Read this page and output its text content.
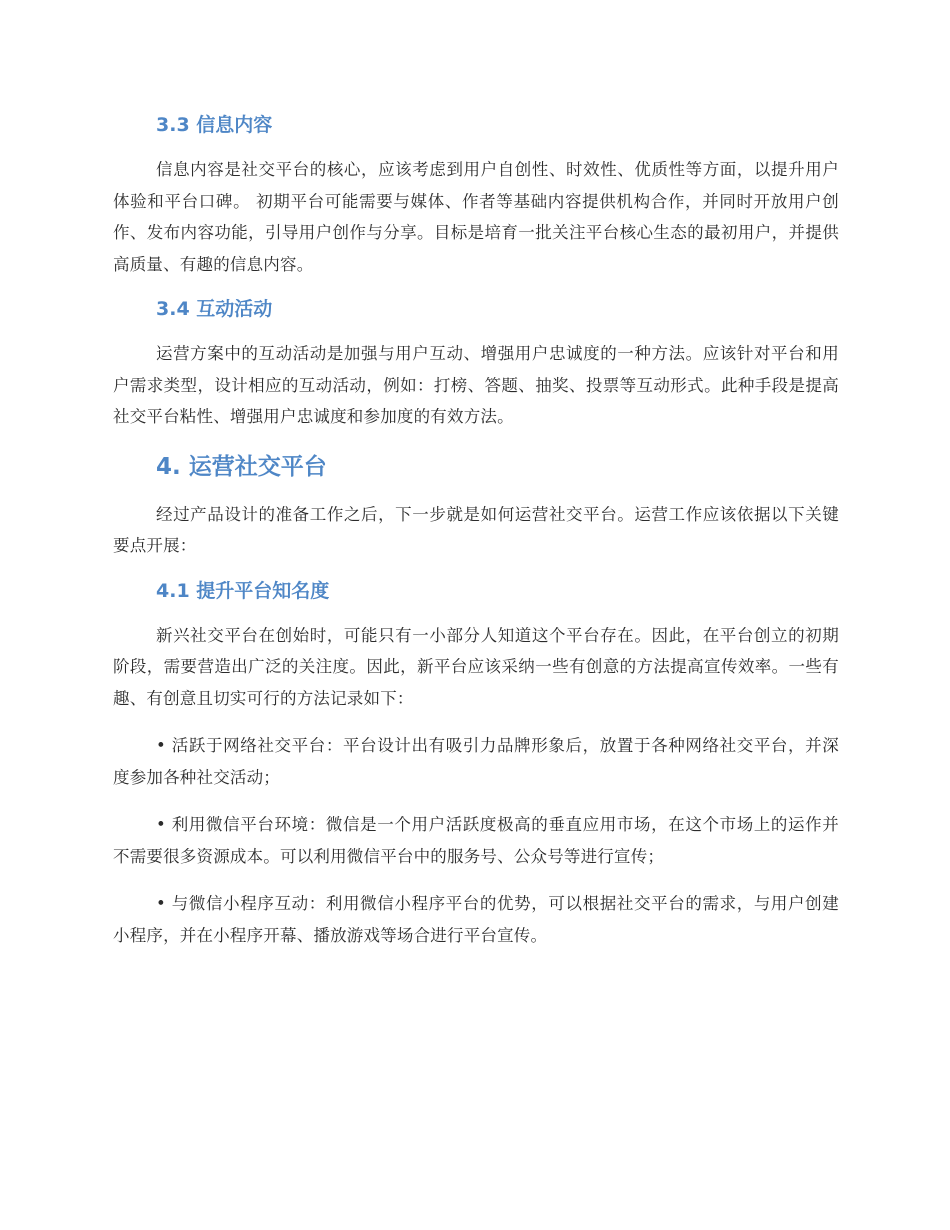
3.3 信息内容

信息内容是社交平台的核心，应该考虑到用户自创性、时效性、优质性等方面，以提升用户体验和平台口碑。 初期平台可能需要与媒体、作者等基础内容提供机构合作，并同时开放用户创作、发布内容功能，引导用户创作与分享。目标是培育一批关注平台核心生态的最初用户，并提供高质量、有趣的信息内容。

3.4 互动活动

运营方案中的互动活动是加强与用户互动、增强用户忠诚度的一种方法。应该针对平台和用户需求类型，设计相应的互动活动，例如：打榜、答题、抽奖、投票等互动形式。此种手段是提高社交平台粘性、增强用户忠诚度和参加度的有效方法。

4. 运营社交平台

经过产品设计的准备工作之后，下一步就是如何运营社交平台。运营工作应该依据以下关键要点开展：

4.1 提升平台知名度

新兴社交平台在创始时，可能只有一小部分人知道这个平台存在。因此，在平台创立的初期阶段，需要营造出广泛的关注度。因此，新平台应该采纳一些有创意的方法提高宣传效率。一些有趣、有创意且切实可行的方法记录如下：

• 活跃于网络社交平台：平台设计出有吸引力品牌形象后，放置于各种网络社交平台，并深度参加各种社交活动；

• 利用微信平台环境：微信是一个用户活跃度极高的垂直应用市场，在这个市场上的运作并不需要很多资源成本。可以利用微信平台中的服务号、公众号等进行宣传；

• 与微信小程序互动：利用微信小程序平台的优势，可以根据社交平台的需求，与用户创建小程序，并在小程序开幕、播放游戏等场合进行平台宣传。
